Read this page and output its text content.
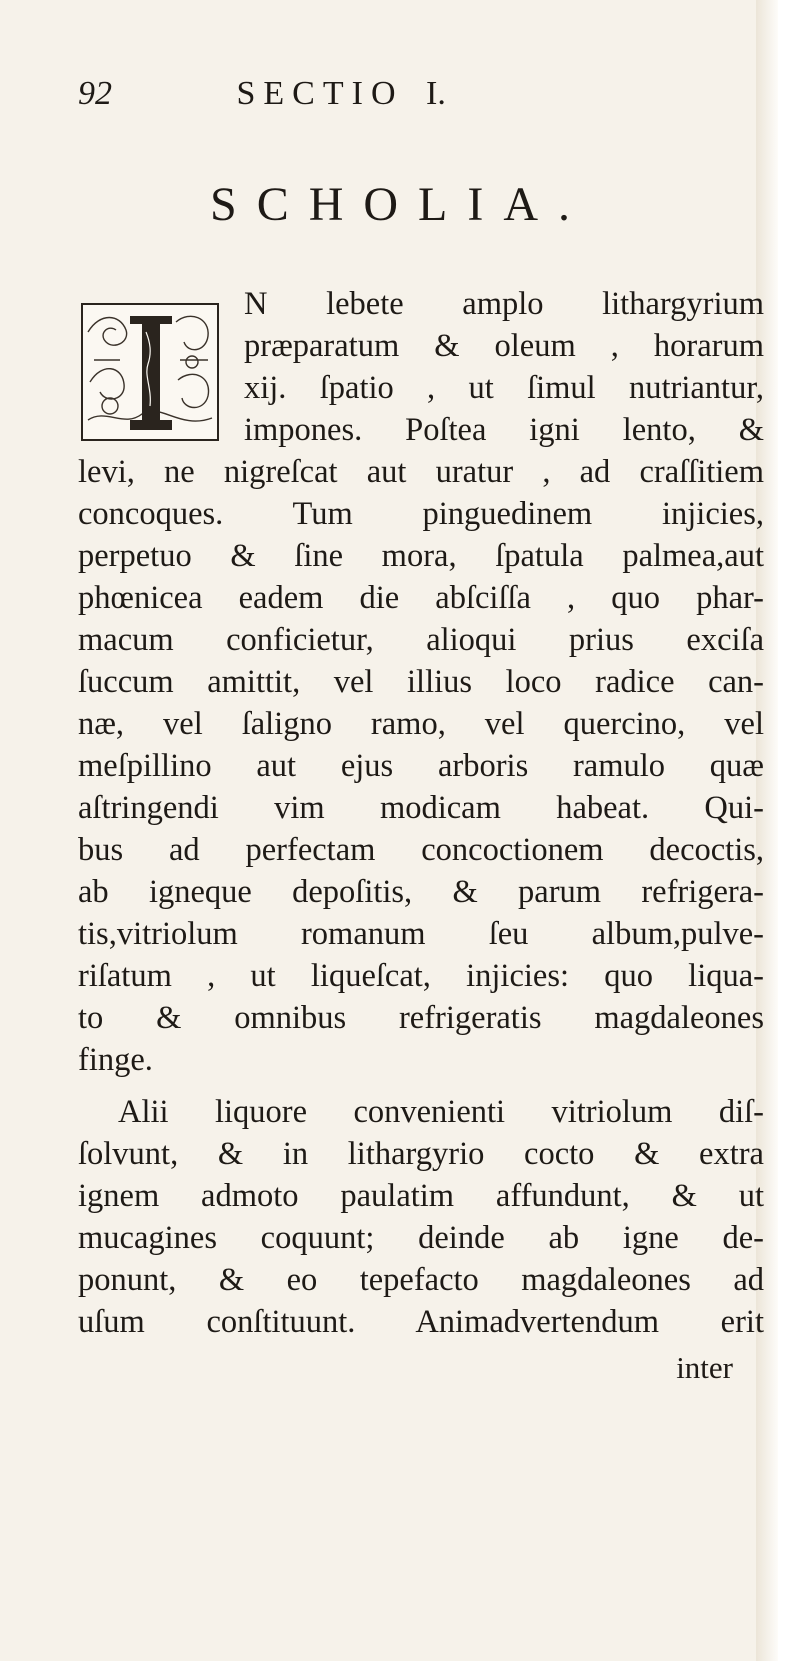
92	SECTIO I.
SCHOLIA.
N lebete amplo lithargyrium
præparatum & oleum , horarum
xij. ſpatio , ut ſimul nutriantur,
impones. Poſtea igni lento, &
levi, ne nigreſcat aut uratur , ad craſſitiem
concoques. Tum pinguedinem injicies,
perpetuo & ſine mora, ſpatula palmea,aut
phœnicea eadem die abſciſſa , quo phar-
macum conficietur, alioqui prius exciſa
ſuccum amittit, vel illius loco radice can-
næ, vel ſaligno ramo, vel quercino, vel
meſpillino aut ejus arboris ramulo quæ
aſtringendi vim modicam habeat. Qui-
bus ad perfectam concoctionem decoctis,
ab igneque depoſitis, & parum refrigera-
tis,vitriolum romanum ſeu album,pulve-
riſatum , ut liqueſcat, injicies: quo liqua-
to & omnibus refrigeratis magdaleones
finge.
Alii liquore convenienti vitriolum diſ-
ſolvunt, & in lithargyrio cocto & extra
ignem admoto paulatim affundunt, & ut
mucagines coquunt; deinde ab igne de-
ponunt, & eo tepefacto magdaleones ad
uſum conſtituunt. Animadvertendum erit
inter
